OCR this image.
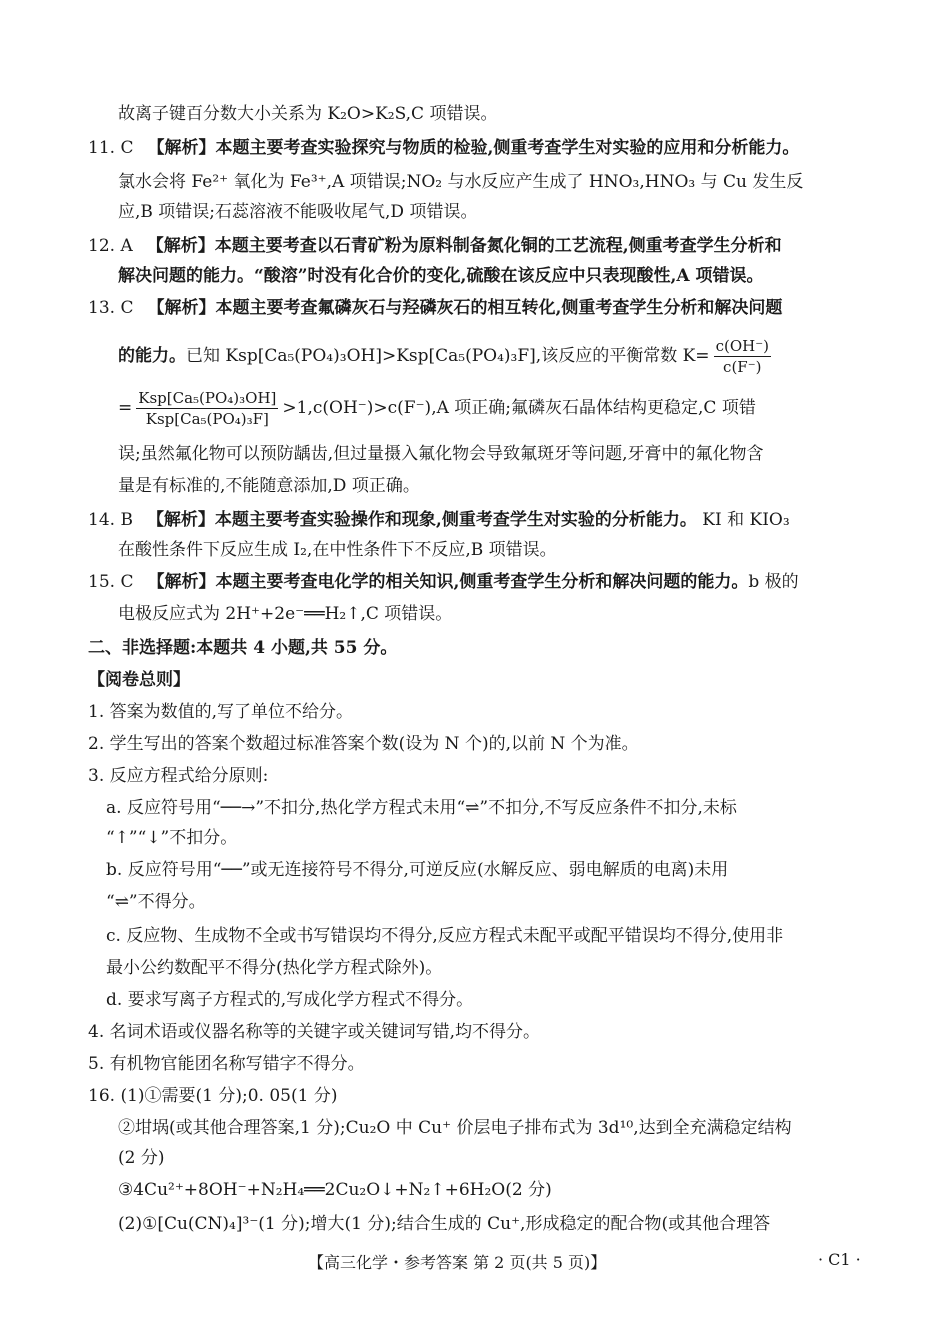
故离子键百分数大小关系为 K₂O>K₂S,C 项错误。
11. C 【解析】本题主要考查实验探究与物质的检验,侧重考查学生对实验的应用和分析能力。
氯水会将 Fe²⁺ 氧化为 Fe³⁺,A 项错误;NO₂ 与水反应产生成了 HNO₃,HNO₃ 与 Cu 发生反
应,B 项错误;石蕊溶液不能吸收尾气,D 项错误。
12. A 【解析】本题主要考查以石青矿粉为原料制备氮化铜的工艺流程,侧重考查学生分析和
解决问题的能力。“酸溶”时没有化合价的变化,硫酸在该反应中只表现酸性,A 项错误。
13. C 【解析】本题主要考查氟磷灰石与羟磷灰石的相互转化,侧重考查学生分析和解决问题
的能力。已知 Ksp[Ca₅(PO₄)₃OH]>Ksp[Ca₅(PO₄)₃F],该反应的平衡常数 $K= \frac{c(OH^-)}{c(F^-)}$
= $\frac{\text{Ksp[Ca₅(PO₄)₃OH]}}{\text{Ksp[Ca₅(PO₄)₃F]}} >1,c(OH^-)>c(F^-),A$ 项正确;氟磷灰石晶体结构更稳定,C 项错
误;虽然氟化物可以预防龋齿,但过量摄入氟化物会导致氟斑牙等问题,牙膏中的氟化物含
量是有标准的,不能随意添加,D 项正确。
14. B 【解析】本题主要考查实验操作和现象,侧重考查学生对实验的分析能力。 KI 和 KIO₃
在酸性条件下反应生成 I₂,在中性条件下不反应,B 项错误。
15. C 【解析】本题主要考查电化学的相关知识,侧重考查学生分析和解决问题的能力。b 极的
电极反应式为 2H⁺+2e⁻══H₂↑,C 项错误。
二、非选择题:本题共 4 小题,共 55 分。
【阅卷总则】
1. 答案为数值的,写了单位不给分。
2. 学生写出的答案个数超过标准答案个数(设为 N 个)的,以前 N 个为准。
3. 反应方程式给分原则:
a. 反应符号用“──→”不扣分,热化学方程式未用“⇌”不扣分,不写反应条件不扣分,未标
“↑”“↓”不扣分。
b. 反应符号用“──”或无连接符号不得分,可逆反应(水解反应、弱电解质的电离)未用
“⇌”不得分。
c. 反应物、生成物不全或书写错误均不得分,反应方程式未配平或配平错误均不得分,使用非
最小公约数配平不得分(热化学方程式除外)。
d. 要求写离子方程式的,写成化学方程式不得分。
4. 名词术语或仪器名称等的关键字或关键词写错,均不得分。
5. 有机物官能团名称写错字不得分。
16. (1)①需要(1 分);0. 05(1 分)
②坩埚(或其他合理答案,1 分);Cu₂O 中 Cu⁺ 价层电子排布式为 3d¹⁰,达到全充满稳定结构
(2 分)
③4Cu²⁺+8OH⁻+N₂H₄══2Cu₂O↓+N₂↑+6H₂O(2 分)
(2)①[Cu(CN)₄]³⁻(1 分);增大(1 分);结合生成的 Cu⁺,形成稳定的配合物(或其他合理答
【高三化学・参考答案 第 2 页(共 5 页)】	· C1 ·
